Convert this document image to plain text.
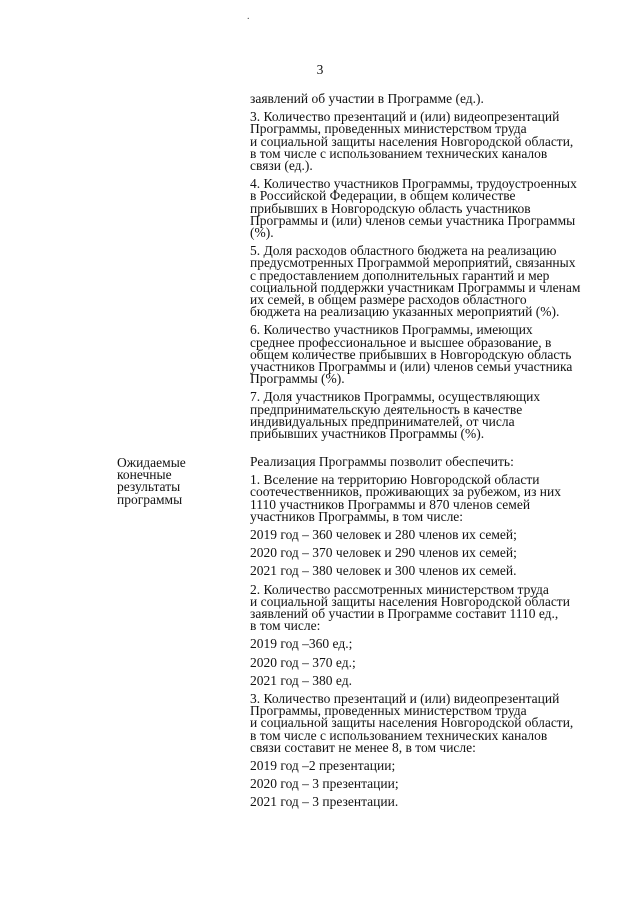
.
3

заявлений об участии в Программе (ед.).

3. Количество презентаций и (или) видеопрезентаций
Программы, проведенных министерством труда
и социальной защиты населения Новгородской области,
в том числе с использованием технических каналов
связи (ед.).

4. Количество участников Программы, трудоустроенных
в Российской Федерации, в общем количестве
прибывших в Новгородскую область участников
Программы и (или) членов семьи участника Программы
(%).

5. Доля расходов областного бюджета на реализацию
предусмотренных Программой мероприятий, связанных
с предоставлением дополнительных гарантий и мер
социальной поддержки участникам Программы и членам
их семей, в общем размере расходов областного
бюджета на реализацию указанных мероприятий (%).

6. Количество участников Программы, имеющих
среднее профессиональное и высшее образование, в
общем количестве прибывших в Новгородскую область
участников Программы и (или) членов семьи участника
Программы (%).

7. Доля участников Программы, осуществляющих
предпринимательскую деятельность в качестве
индивидуальных предпринимателей, от числа
прибывших участников Программы (%).

Ожидаемые
конечные
результаты
программы

Реализация Программы позволит обеспечить:

1. Вселение на территорию Новгородской области
соотечественников, проживающих за рубежом, из них
1110 участников Программы и 870 членов семей
участников Программы, в том числе:

2019 год – 360 человек и 280 членов их семей;

2020 год – 370 человек и 290 членов их семей;

2021 год – 380 человек и 300 членов их семей.

2. Количество рассмотренных министерством труда
и социальной защиты населения Новгородской области
заявлений об участии в Программе составит 1110 ед.,
в том числе:

2019 год –360 ед.;

2020 год – 370 ед.;

2021 год – 380 ед.

3. Количество презентаций и (или) видеопрезентаций
Программы, проведенных министерством труда
и социальной защиты населения Новгородской области,
в том числе с использованием технических каналов
связи составит не менее 8, в том числе:

2019 год –2 презентации;

2020 год – 3 презентации;

2021 год – 3 презентации.
